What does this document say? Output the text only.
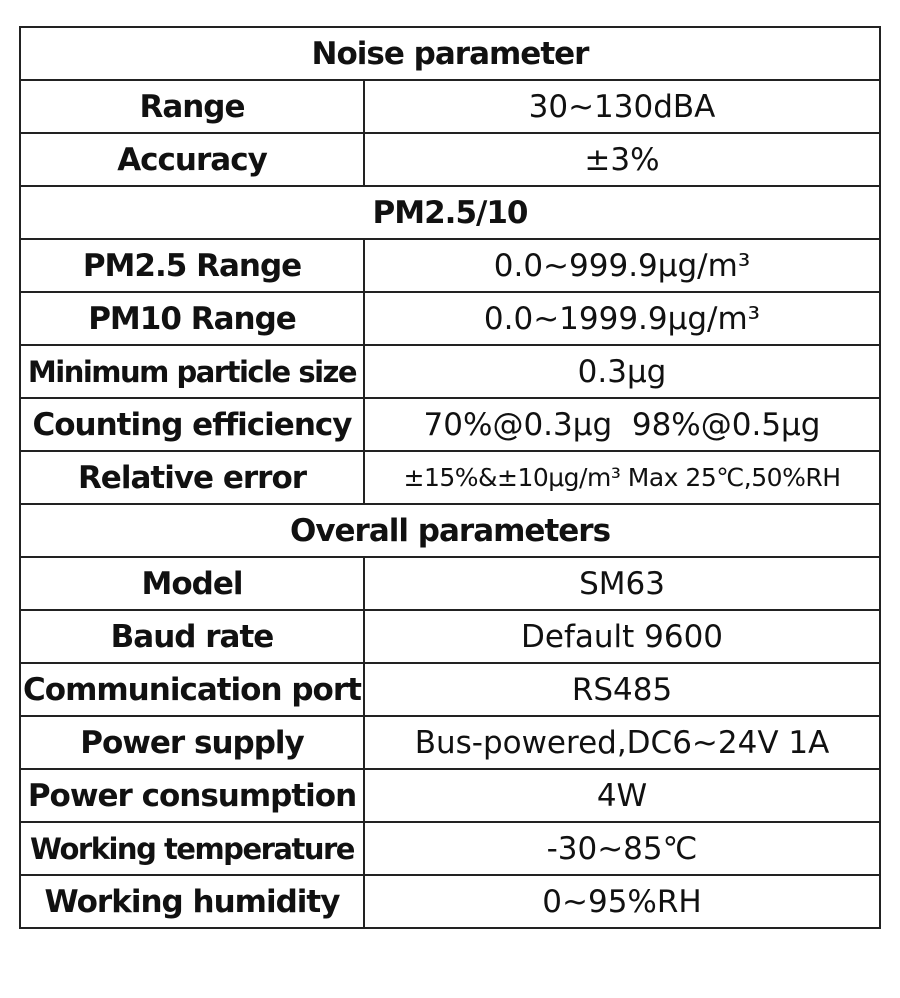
Noise parameter	
Range	30~130dBA
Accuracy	±3%
PM2.5/10	
PM2.5 Range	0.0~999.9μg/m³
PM10 Range	0.0~1999.9μg/m³
Minimum particle size	0.3μg
Counting efficiency	70%@0.3μg  98%@0.5μg
Relative error	±15%&±10μg/m³ Max 25℃,50%RH
Overall parameters	
Model	SM63
Baud rate	Default 9600
Communication port	RS485
Power supply	Bus-powered,DC6~24V 1A
Power consumption	4W
Working temperature	-30~85℃
Working humidity	0~95%RH
